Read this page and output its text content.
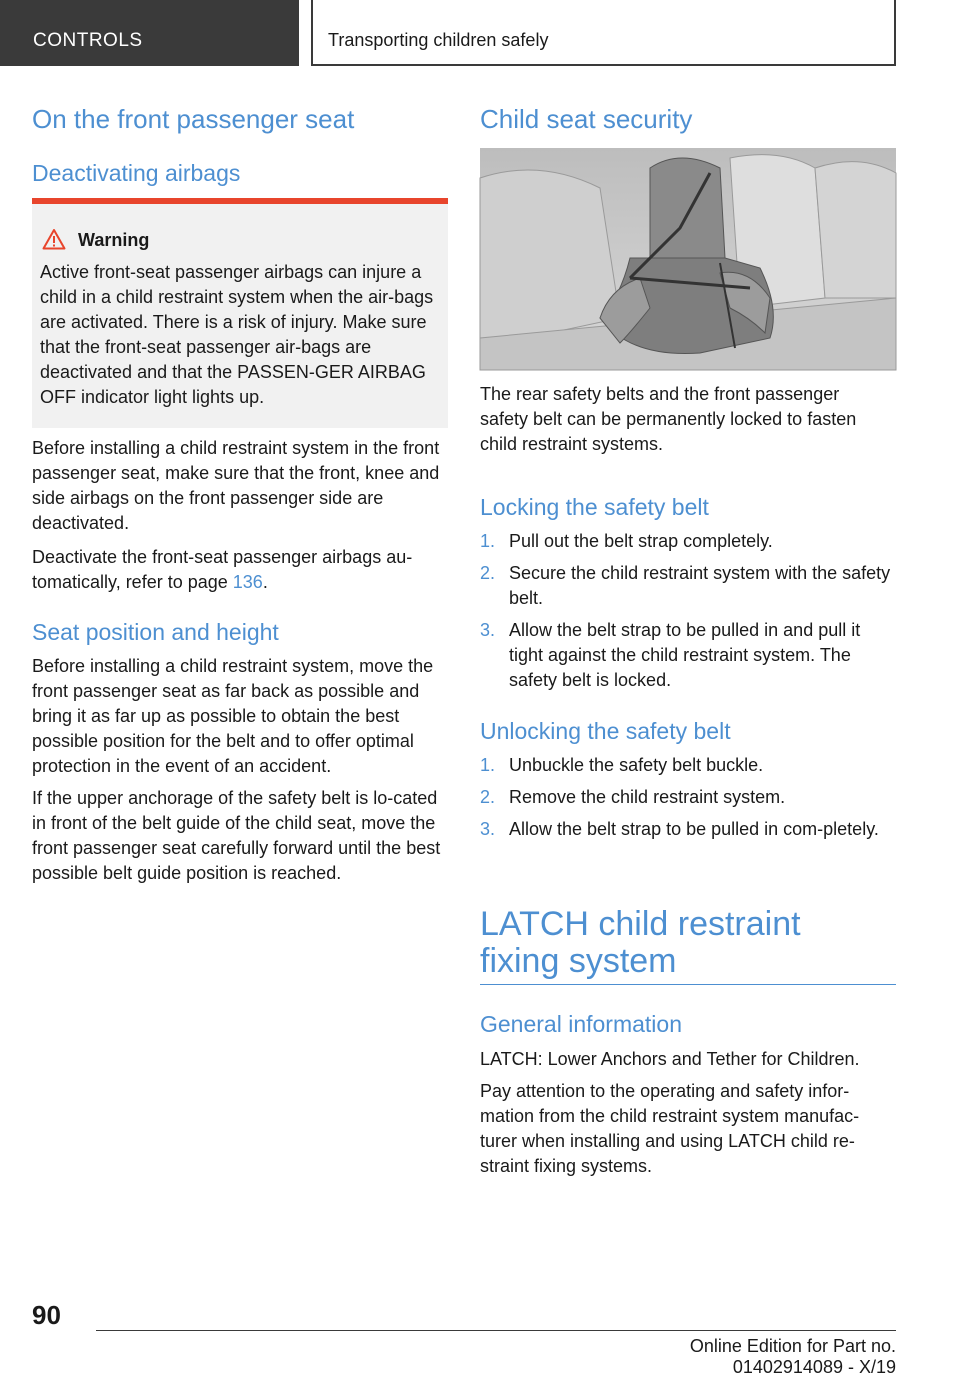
CONTROLS	Transporting children safely
On the front passenger seat
Deactivating airbags
Warning
Active front-seat passenger airbags can injure a child in a child restraint system when the air-bags are activated. There is a risk of injury. Make sure that the front-seat passenger air-bags are deactivated and that the PASSEN-GER AIRBAG OFF indicator light lights up.

Before installing a child restraint system in the front passenger seat, make sure that the front, knee and side airbags on the front passenger side are deactivated.

Deactivate the front-seat passenger airbags au-tomatically, refer to page 136.

Seat position and height

Before installing a child restraint system, move the front passenger seat as far back as possible and bring it as far up as possible to obtain the best possible position for the belt and to offer optimal protection in the event of an accident.

If the upper anchorage of the safety belt is lo-cated in front of the belt guide of the child seat, move the front passenger seat carefully forward until the best possible belt guide position is reached.

Child seat security

The rear safety belts and the front passenger safety belt can be permanently locked to fasten child restraint systems.

Locking the safety belt
1. Pull out the belt strap completely.
2. Secure the child restraint system with the safety belt.
3. Allow the belt strap to be pulled in and pull it tight against the child restraint system. The safety belt is locked.
Unlocking the safety belt
1. Unbuckle the safety belt buckle.
2. Remove the child restraint system.
3. Allow the belt strap to be pulled in com-pletely.
LATCH child restraint fixing system
General information

LATCH: Lower Anchors and Tether for Children.

Pay attention to the operating and safety infor-mation from the child restraint system manufac-turer when installing and using LATCH child re-straint fixing systems.

90
Online Edition for Part no. 01402914089 - X/19
